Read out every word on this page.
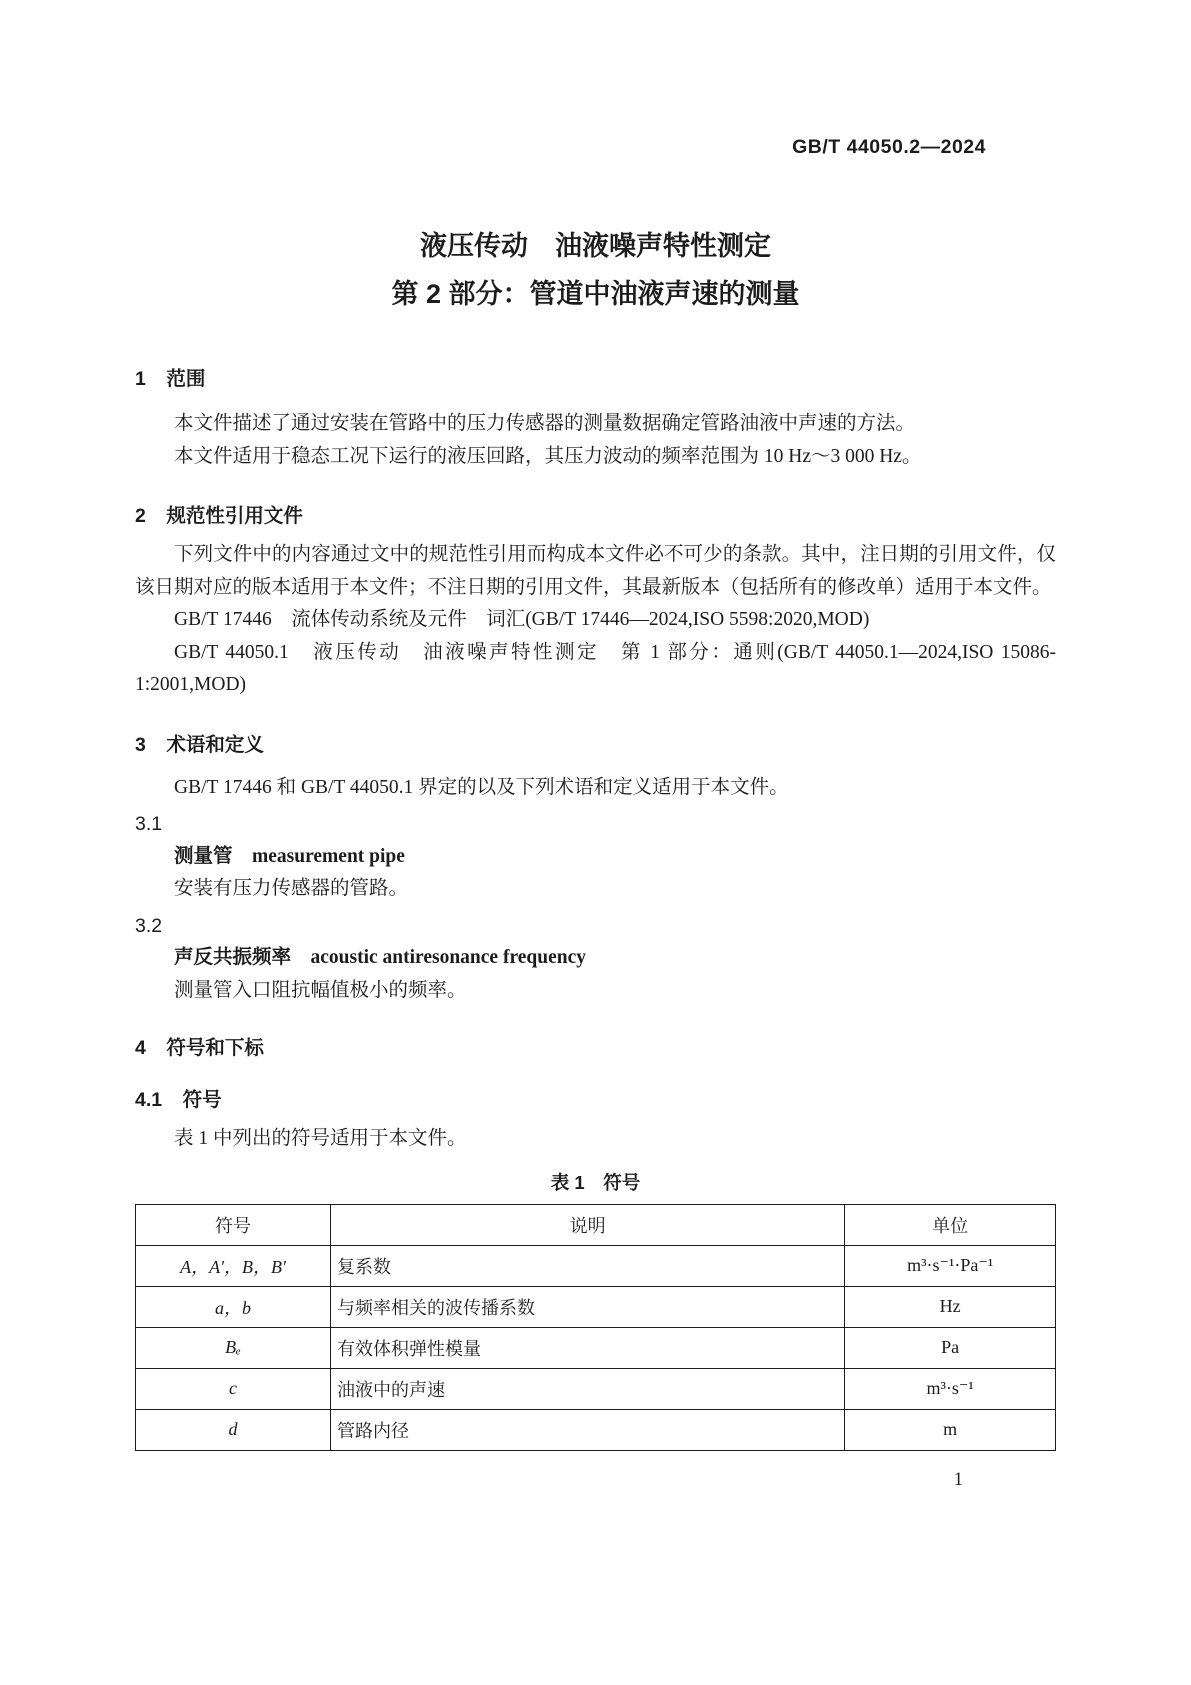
GB/T 44050.2—2024
液压传动　油液噪声特性测定
第 2 部分：管道中油液声速的测量
1 范围

本文件描述了通过安装在管路中的压力传感器的测量数据确定管路油液中声速的方法。

本文件适用于稳态工况下运行的液压回路，其压力波动的频率范围为 10 Hz～3 000 Hz。

2 规范性引用文件

下列文件中的内容通过文中的规范性引用而构成本文件必不可少的条款。其中，注日期的引用文件，仅该日期对应的版本适用于本文件；不注日期的引用文件，其最新版本（包括所有的修改单）适用于本文件。

GB/T 17446　流体传动系统及元件　词汇(GB/T 17446—2024,ISO 5598:2020,MOD)

GB/T 44050.1　液压传动　油液噪声特性测定　第 1 部分：通则(GB/T 44050.1—2024,ISO 15086-1:2001,MOD)

3 术语和定义

GB/T 17446 和 GB/T 44050.1 界定的以及下列术语和定义适用于本文件。

3.1
测量管　measurement pipe

安装有压力传感器的管路。

3.2
声反共振频率　acoustic antiresonance frequency

测量管入口阻抗幅值极小的频率。

4 符号和下标
4.1 符号

表 1 中列出的符号适用于本文件。

表 1　符号
符号	说明	单位
A，A′，B，B′	复系数	m³·s⁻¹·Pa⁻¹
a，b	与频率相关的波传播系数	Hz
Bₑ	有效体积弹性模量	Pa
c	油液中的声速	m³·s⁻¹
d	管路内径	m
1
